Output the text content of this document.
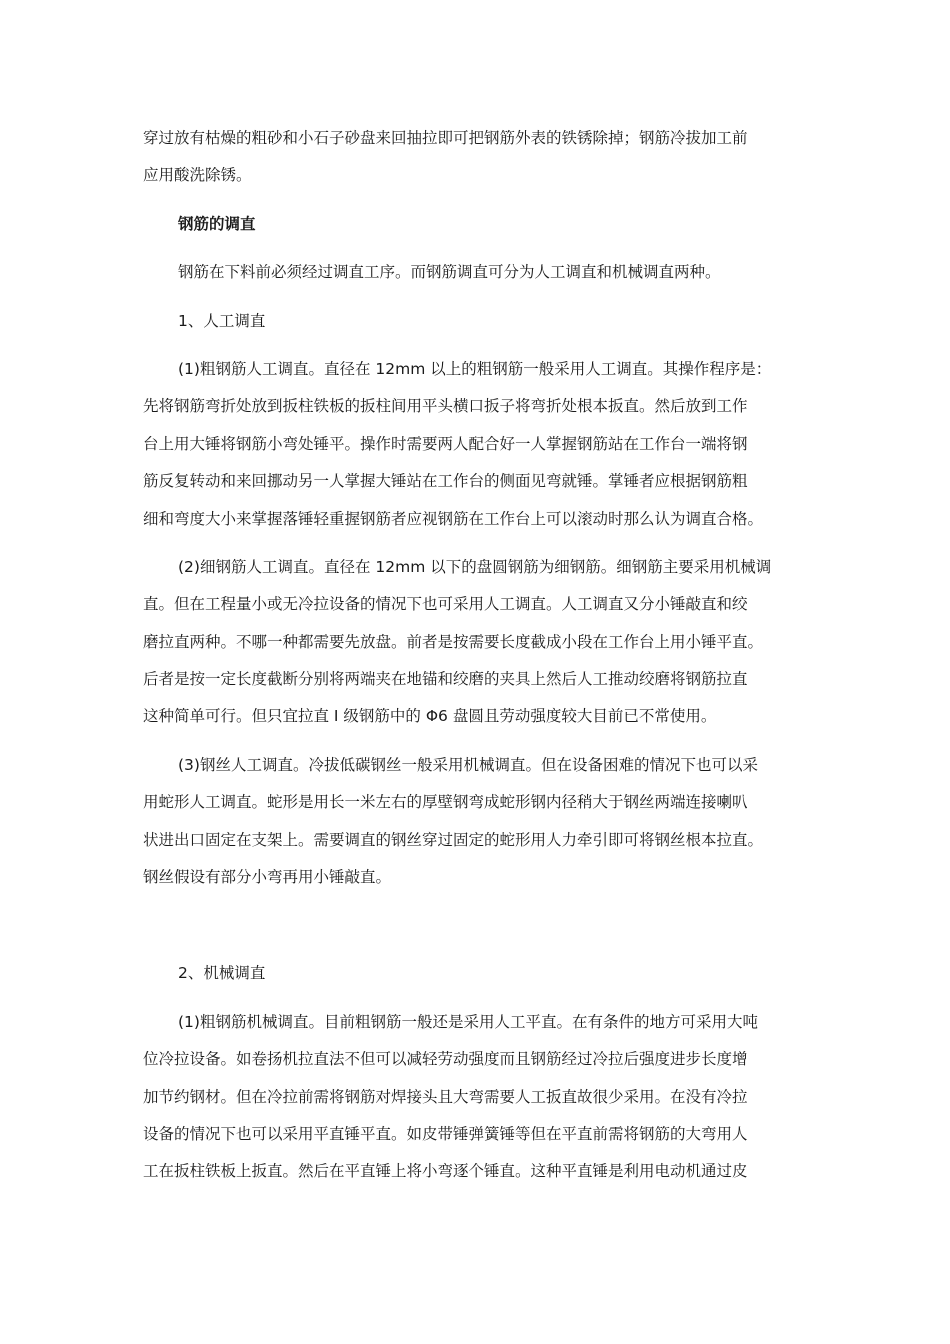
穿过放有枯燥的粗砂和小石子砂盘来回抽拉即可把钢筋外表的铁锈除掉；钢筋冷拔加工前
应用酸洗除锈。
钢筋的调直
钢筋在下料前必须经过调直工序。而钢筋调直可分为人工调直和机械调直两种。
1、人工调直
(1)粗钢筋人工调直。直径在 12mm 以上的粗钢筋一般采用人工调直。其操作程序是：
先将钢筋弯折处放到扳柱铁板的扳柱间用平头横口扳子将弯折处根本扳直。然后放到工作
台上用大锤将钢筋小弯处锤平。操作时需要两人配合好一人掌握钢筋站在工作台一端将钢
筋反复转动和来回挪动另一人掌握大锤站在工作台的侧面见弯就锤。掌锤者应根据钢筋粗
细和弯度大小来掌握落锤轻重握钢筋者应视钢筋在工作台上可以滚动时那么认为调直合格。
(2)细钢筋人工调直。直径在 12mm 以下的盘圆钢筋为细钢筋。细钢筋主要采用机械调
直。但在工程量小或无冷拉设备的情况下也可采用人工调直。人工调直又分小锤敲直和绞
磨拉直两种。不哪一种都需要先放盘。前者是按需要长度截成小段在工作台上用小锤平直。
后者是按一定长度截断分别将两端夹在地锚和绞磨的夹具上然后人工推动绞磨将钢筋拉直
这种简单可行。但只宜拉直 I 级钢筋中的 Φ6 盘圆且劳动强度较大目前已不常使用。
(3)钢丝人工调直。冷拔低碳钢丝一般采用机械调直。但在设备困难的情况下也可以采
用蛇形人工调直。蛇形是用长一米左右的厚壁钢弯成蛇形钢内径稍大于钢丝两端连接喇叭
状进出口固定在支架上。需要调直的钢丝穿过固定的蛇形用人力牵引即可将钢丝根本拉直。
钢丝假设有部分小弯再用小锤敲直。
2、机械调直
(1)粗钢筋机械调直。目前粗钢筋一般还是采用人工平直。在有条件的地方可采用大吨
位冷拉设备。如卷扬机拉直法不但可以减轻劳动强度而且钢筋经过冷拉后强度进步长度增
加节约钢材。但在冷拉前需将钢筋对焊接头且大弯需要人工扳直故很少采用。在没有冷拉
设备的情况下也可以采用平直锤平直。如皮带锤弹簧锤等但在平直前需将钢筋的大弯用人
工在扳柱铁板上扳直。然后在平直锤上将小弯逐个锤直。这种平直锤是利用电动机通过皮
